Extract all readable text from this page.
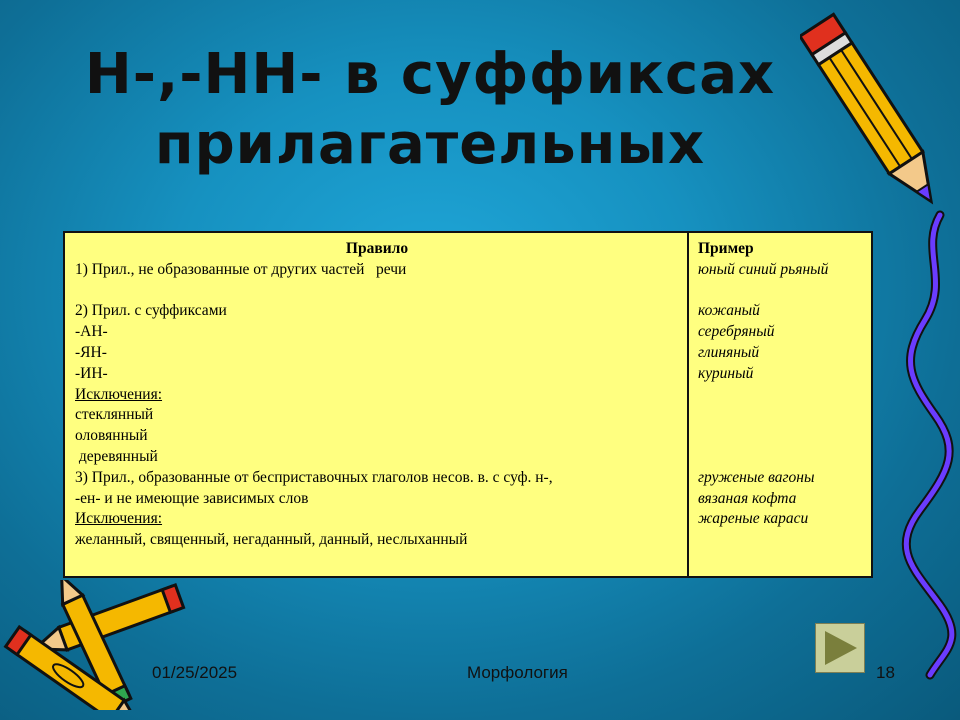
Н-,-НН- в суффиксах
прилагательных
Правило
1) Прил., не образованные от других частей   речи
2) Прил. с суффиксами
-АН-
-ЯН-
-ИН-
Исключения:
стеклянный
оловянный
деревянный
3) Прил., образованные от бесприставочных глаголов несов. в. с суф. н-,
-ен- и не имеющие зависимых слов
Исключения:
желанный, священный, негаданный, данный, неслыханный
Пример
юный синий рьяный
кожаный
серебряный
глиняный
куриный
груженые вагоны
вязаная кофта
жареные караси
01/25/2025	Морфология	18
